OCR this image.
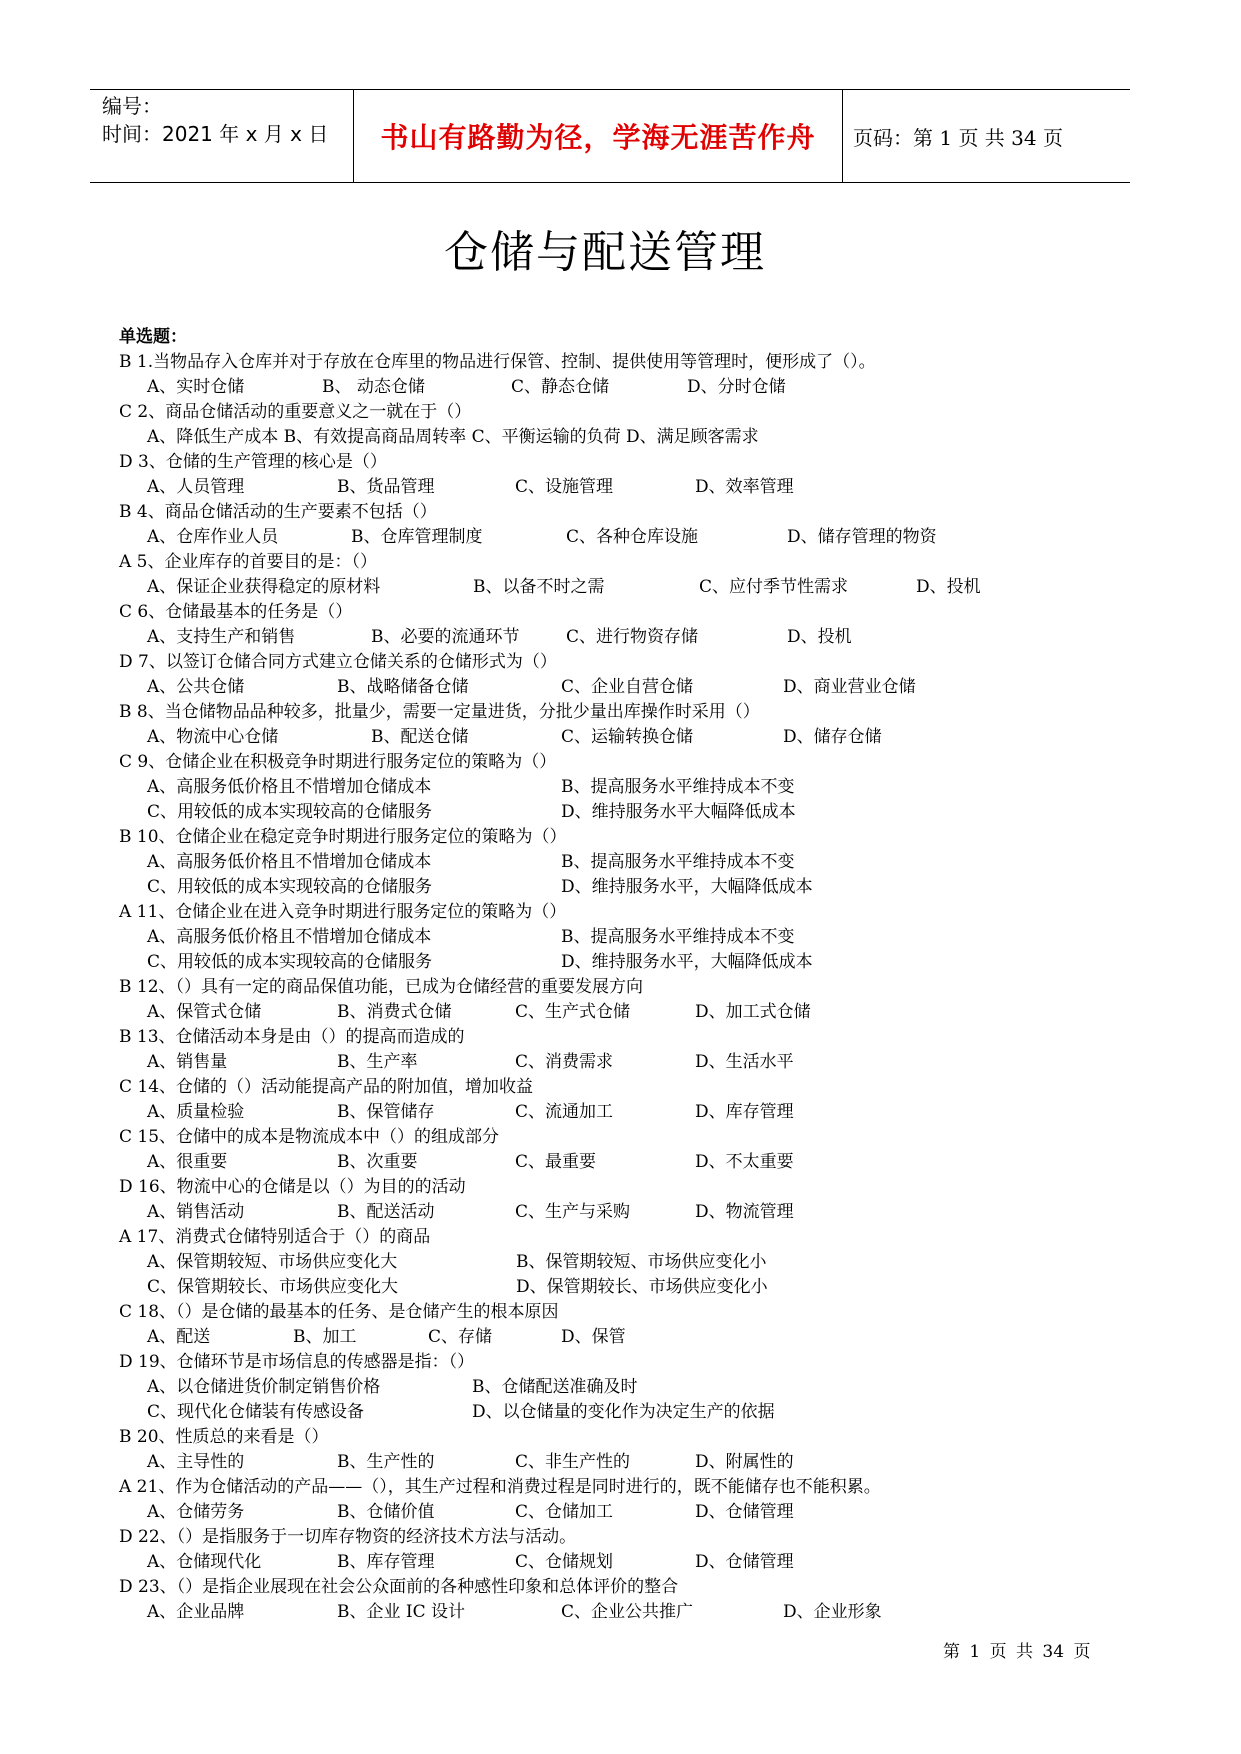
编号：
时间：2021 年 x 月 x 日	书山有路勤为径，学海无涯苦作舟 页码：第 1 页 共 34 页
仓储与配送管理
单选题：
B 1.当物品存入仓库并对于存放在仓库里的物品进行保管、控制、提供使用等管理时，便形成了（）。
A、实时仓储	B、 动态仓储	C、静态仓储	D、分时仓储
C 2、商品仓储活动的重要意义之一就在于（）
A、降低生产成本 B、有效提高商品周转率 C、平衡运输的负荷 D、满足顾客需求
D 3、仓储的生产管理的核心是（）
A、人员管理	B、货品管理	C、设施管理	D、效率管理
B 4、商品仓储活动的生产要素不包括（）
A、仓库作业人员	B、仓库管理制度	C、各种仓库设施	D、储存管理的物资
A 5、企业库存的首要目的是：（）
A、保证企业获得稳定的原材料	B、以备不时之需	C、应付季节性需求	D、投机
C 6、仓储最基本的任务是（）
A、支持生产和销售	B、必要的流通环节	C、进行物资存储	D、投机
D 7、以签订仓储合同方式建立仓储关系的仓储形式为（）
A、公共仓储	B、战略储备仓储	C、企业自营仓储	D、商业营业仓储
B 8、当仓储物品品种较多，批量少，需要一定量进货，分批少量出库操作时采用（）
A、物流中心仓储	B、配送仓储	C、运输转换仓储	D、储存仓储
C 9、仓储企业在积极竞争时期进行服务定位的策略为（）
A、高服务低价格且不惜增加仓储成本	B、提高服务水平维持成本不变
C、用较低的成本实现较高的仓储服务	D、维持服务水平大幅降低成本
B 10、仓储企业在稳定竞争时期进行服务定位的策略为（）
A、高服务低价格且不惜增加仓储成本	B、提高服务水平维持成本不变
C、用较低的成本实现较高的仓储服务	D、维持服务水平，大幅降低成本
A 11、仓储企业在进入竞争时期进行服务定位的策略为（）
A、高服务低价格且不惜增加仓储成本	B、提高服务水平维持成本不变
C、用较低的成本实现较高的仓储服务	D、维持服务水平，大幅降低成本
B 12、（）具有一定的商品保值功能，已成为仓储经营的重要发展方向
A、保管式仓储	B、消费式仓储	C、生产式仓储	D、加工式仓储
B 13、仓储活动本身是由（）的提高而造成的
A、销售量	B、生产率	C、消费需求	D、生活水平
C 14、仓储的（）活动能提高产品的附加值，增加收益
A、质量检验	B、保管储存	C、流通加工	D、库存管理
C 15、仓储中的成本是物流成本中（）的组成部分
A、很重要	B、次重要	C、最重要	D、不太重要
D 16、物流中心的仓储是以（）为目的的活动
A、销售活动	B、配送活动	C、生产与采购	D、物流管理
A 17、消费式仓储特别适合于（）的商品
A、保管期较短、市场供应变化大	B、保管期较短、市场供应变化小
C、保管期较长、市场供应变化大	D、保管期较长、市场供应变化小
C 18、（）是仓储的最基本的任务、是仓储产生的根本原因
A、配送	B、加工	C、存储	D、保管
D 19、仓储环节是市场信息的传感器是指：（）
A、以仓储进货价制定销售价格	B、仓储配送准确及时
C、现代化仓储装有传感设备	D、以仓储量的变化作为决定生产的依据
B 20、性质总的来看是（）
A、主导性的	B、生产性的	C、非生产性的	D、附属性的
A 21、作为仓储活动的产品——（），其生产过程和消费过程是同时进行的，既不能储存也不能积累。
A、仓储劳务	B、仓储价值	C、仓储加工	D、仓储管理
D 22、（）是指服务于一切库存物资的经济技术方法与活动。
A、仓储现代化	B、库存管理	C、仓储规划	D、仓储管理
D 23、（）是指企业展现在社会公众面前的各种感性印象和总体评价的整合
A、企业品牌	B、企业 IC 设计	C、企业公共推广	D、企业形象
第 1 页 共 34 页
